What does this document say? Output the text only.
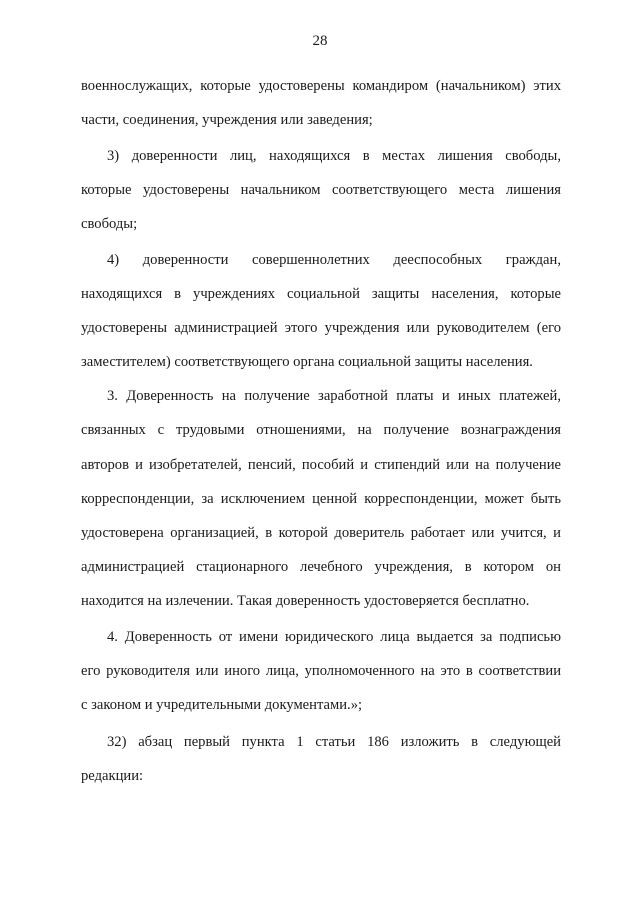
28
военнослужащих, которые удостоверены командиром (начальником) этих
части, соединения, учреждения или заведения;
3) доверенности лиц, находящихся в местах лишения свободы,
которые удостоверены начальником соответствующего места лишения
свободы;
4) доверенности совершеннолетних дееспособных граждан,
находящихся в учреждениях социальной защиты населения, которые
удостоверены администрацией этого учреждения или руководителем (его
заместителем) соответствующего органа социальной защиты населения.
3. Доверенность на получение заработной платы и иных платежей,
связанных с трудовыми отношениями, на получение вознаграждения
авторов и изобретателей, пенсий, пособий и стипендий или на получение
корреспонденции, за исключением ценной корреспонденции, может быть
удостоверена организацией, в которой доверитель работает или учится, и
администрацией стационарного лечебного учреждения, в котором он
находится на излечении. Такая доверенность удостоверяется бесплатно.
4. Доверенность от имени юридического лица выдается за подписью
его руководителя или иного лица, уполномоченного на это в соответствии
с законом и учредительными документами.»;
32) абзац первый пункта 1 статьи 186 изложить в следующей
редакции:
